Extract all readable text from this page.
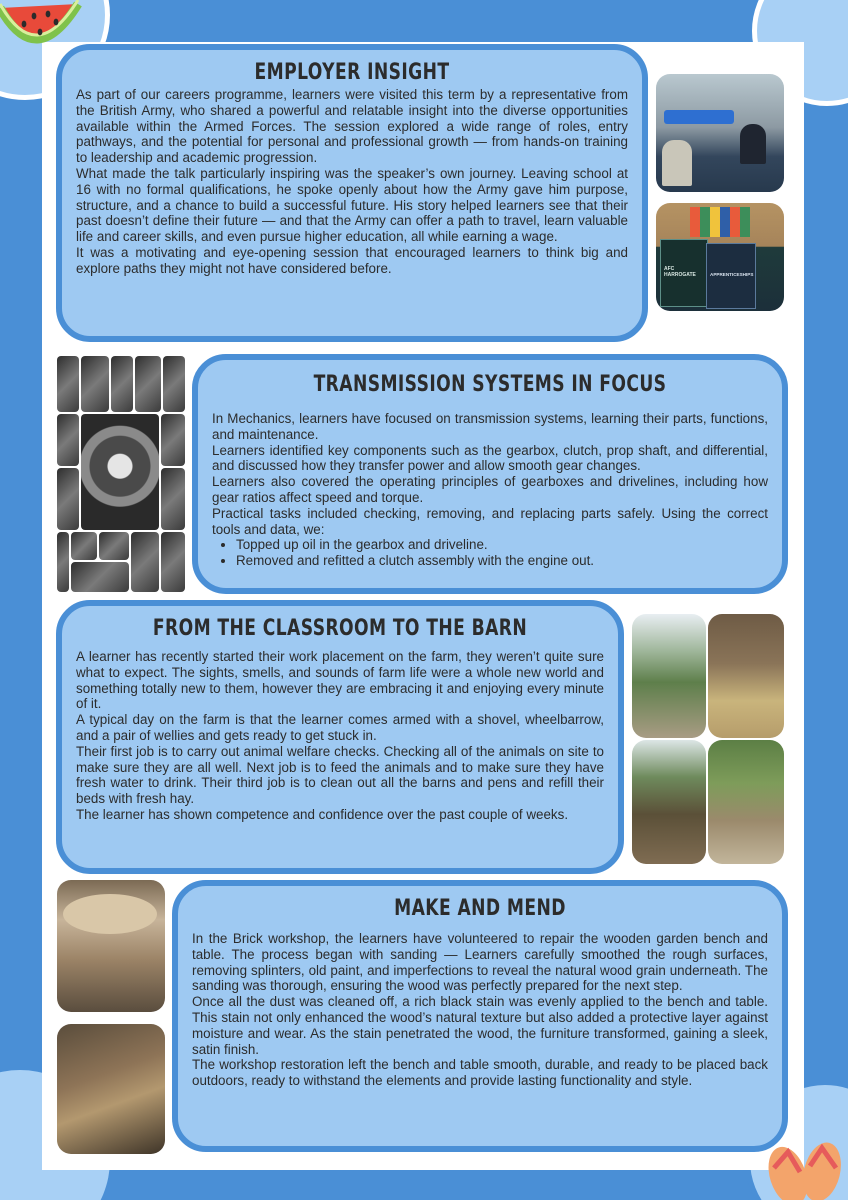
EMPLOYER INSIGHT

As part of our careers programme, learners were visited this term by a representative from the British Army, who shared a powerful and relatable insight into the diverse opportunities available within the Armed Forces. The session explored a wide range of roles, entry pathways, and the potential for personal and professional growth — from hands-on training to leadership and academic progression.

What made the talk particularly inspiring was the speaker’s own journey. Leaving school at 16 with no formal qualifications, he spoke openly about how the Army gave him purpose, structure, and a chance to build a successful future. His story helped learners see that their past doesn’t define their future — and that the Army can offer a path to travel, learn valuable life and career skills, and even pursue higher education, all while earning a wage.

It was a motivating and eye-opening session that encouraged learners to think big and explore paths they might not have considered before.	AFC HARROGATE	APPRENTICESHIPS
TRANSMISSION SYSTEMS IN FOCUS

In Mechanics, learners have focused on transmission systems, learning their parts, functions, and maintenance.

Learners identified key components such as the gearbox, clutch, prop shaft, and differential, and discussed how they transfer power and allow smooth gear changes.

Learners also covered the operating principles of gearboxes and drivelines, including how gear ratios affect speed and torque.

Practical tasks included checking, removing, and replacing parts safely. Using the correct tools and data, we:

• Topped up oil in the gearbox and driveline.
• Removed and refitted a clutch assembly with the engine out.
FROM THE CLASSROOM TO THE BARN

A learner has recently started their work placement on the farm, they weren’t quite sure what to expect. The sights, smells, and sounds of farm life were a whole new world and something totally new to them, however they are embracing it and enjoying every minute of it.

A typical day on the farm is that the learner comes armed with a shovel, wheelbarrow, and a pair of wellies and gets ready to get stuck in.

Their first job is to carry out animal welfare checks. Checking all of the animals on site to make sure they are all well. Next job is to feed the animals and to make sure they have fresh water to drink. Their third job is to clean out all the barns and pens and refill their beds with fresh hay.

The learner has shown competence and confidence over the past couple of weeks.

MAKE AND MEND

In the Brick workshop, the learners have volunteered to repair the wooden garden bench and table. The process began with sanding — Learners carefully smoothed the rough surfaces, removing splinters, old paint, and imperfections to reveal the natural wood grain underneath. The sanding was thorough, ensuring the wood was perfectly prepared for the next step.

Once all the dust was cleaned off, a rich black stain was evenly applied to the bench and table. This stain not only enhanced the wood’s natural texture but also added a protective layer against moisture and wear. As the stain penetrated the wood, the furniture transformed, gaining a sleek, satin finish.

The workshop restoration left the bench and table smooth, durable, and ready to be placed back outdoors, ready to withstand the elements and provide lasting functionality and style.
